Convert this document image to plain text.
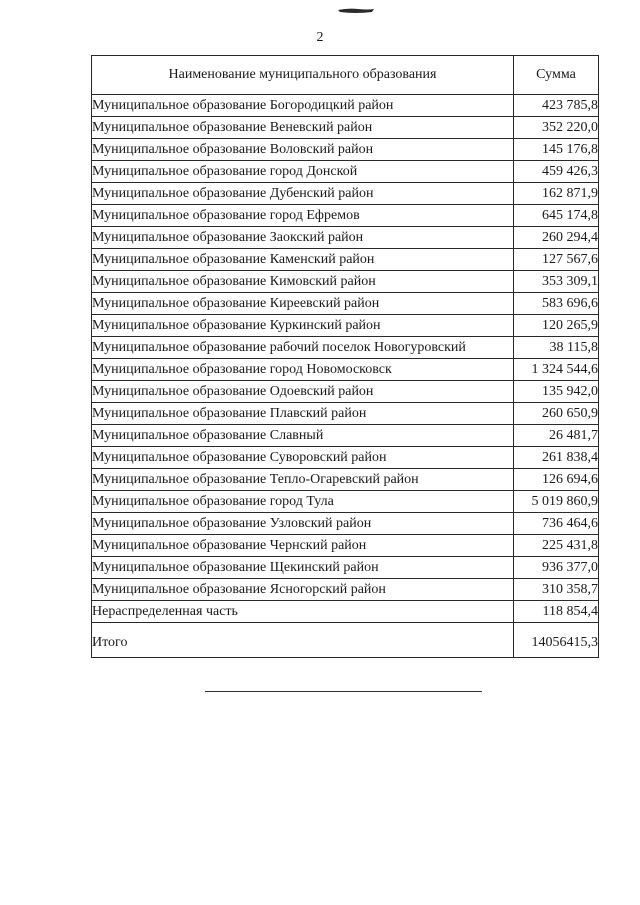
2
Наименование муниципального образования	Сумма
Муниципальное образование Богородицкий район	423 785,8
Муниципальное образование Веневский район	352 220,0
Муниципальное образование Воловский район	145 176,8
Муниципальное образование город Донской	459 426,3
Муниципальное образование Дубенский район	162 871,9
Муниципальное образование город Ефремов	645 174,8
Муниципальное образование Заокский район	260 294,4
Муниципальное образование Каменский район	127 567,6
Муниципальное образование Кимовский район	353 309,1
Муниципальное образование Киреевский район	583 696,6
Муниципальное образование Куркинский район	120 265,9
Муниципальное образование рабочий поселок Новогуровский	38 115,8
Муниципальное образование город Новомосковск	1 324 544,6
Муниципальное образование Одоевский район	135 942,0
Муниципальное образование Плавский район	260 650,9
Муниципальное образование Славный	26 481,7
Муниципальное образование Суворовский район	261 838,4
Муниципальное образование Тепло-Огаревский район	126 694,6
Муниципальное образование город Тула	5 019 860,9
Муниципальное образование Узловский район	736 464,6
Муниципальное образование Чернский район	225 431,8
Муниципальное образование Щекинский район	936 377,0
Муниципальное образование Ясногорский район	310 358,7
Нераспределенная часть	118 854,4
Итого	14056415,3
